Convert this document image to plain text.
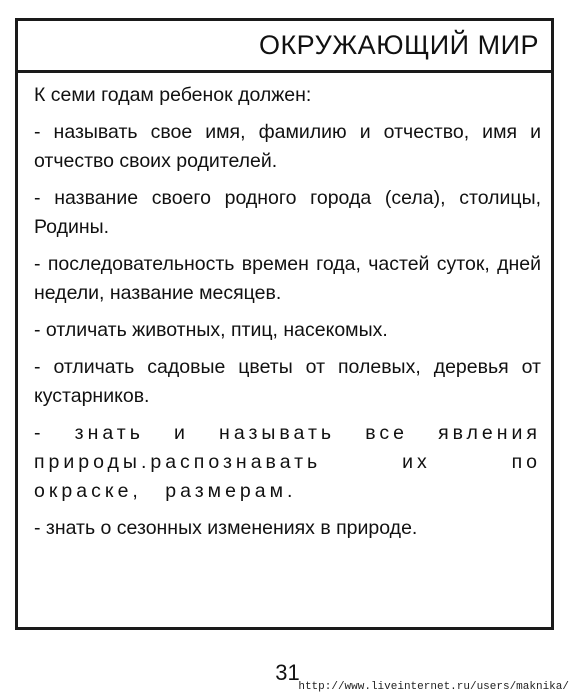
ОКРУЖАЮЩИЙ МИР

К семи годам ребенок должен:

- называть свое имя, фамилию и отчество, имя и отчество своих родителей.

- название своего родного города (села), столицы, Родины.

- последовательность времен года, частей суток, дней недели, название месяцев.

- отличать животных, птиц, насекомых.

- отличать садовые цветы от полевых, деревья от кустарников.

- знать и называть все явления природы.распознавать их по окраске, размерам.

- знать о сезонных изменениях в природе.

31
http://www.liveinternet.ru/users/maknika/
